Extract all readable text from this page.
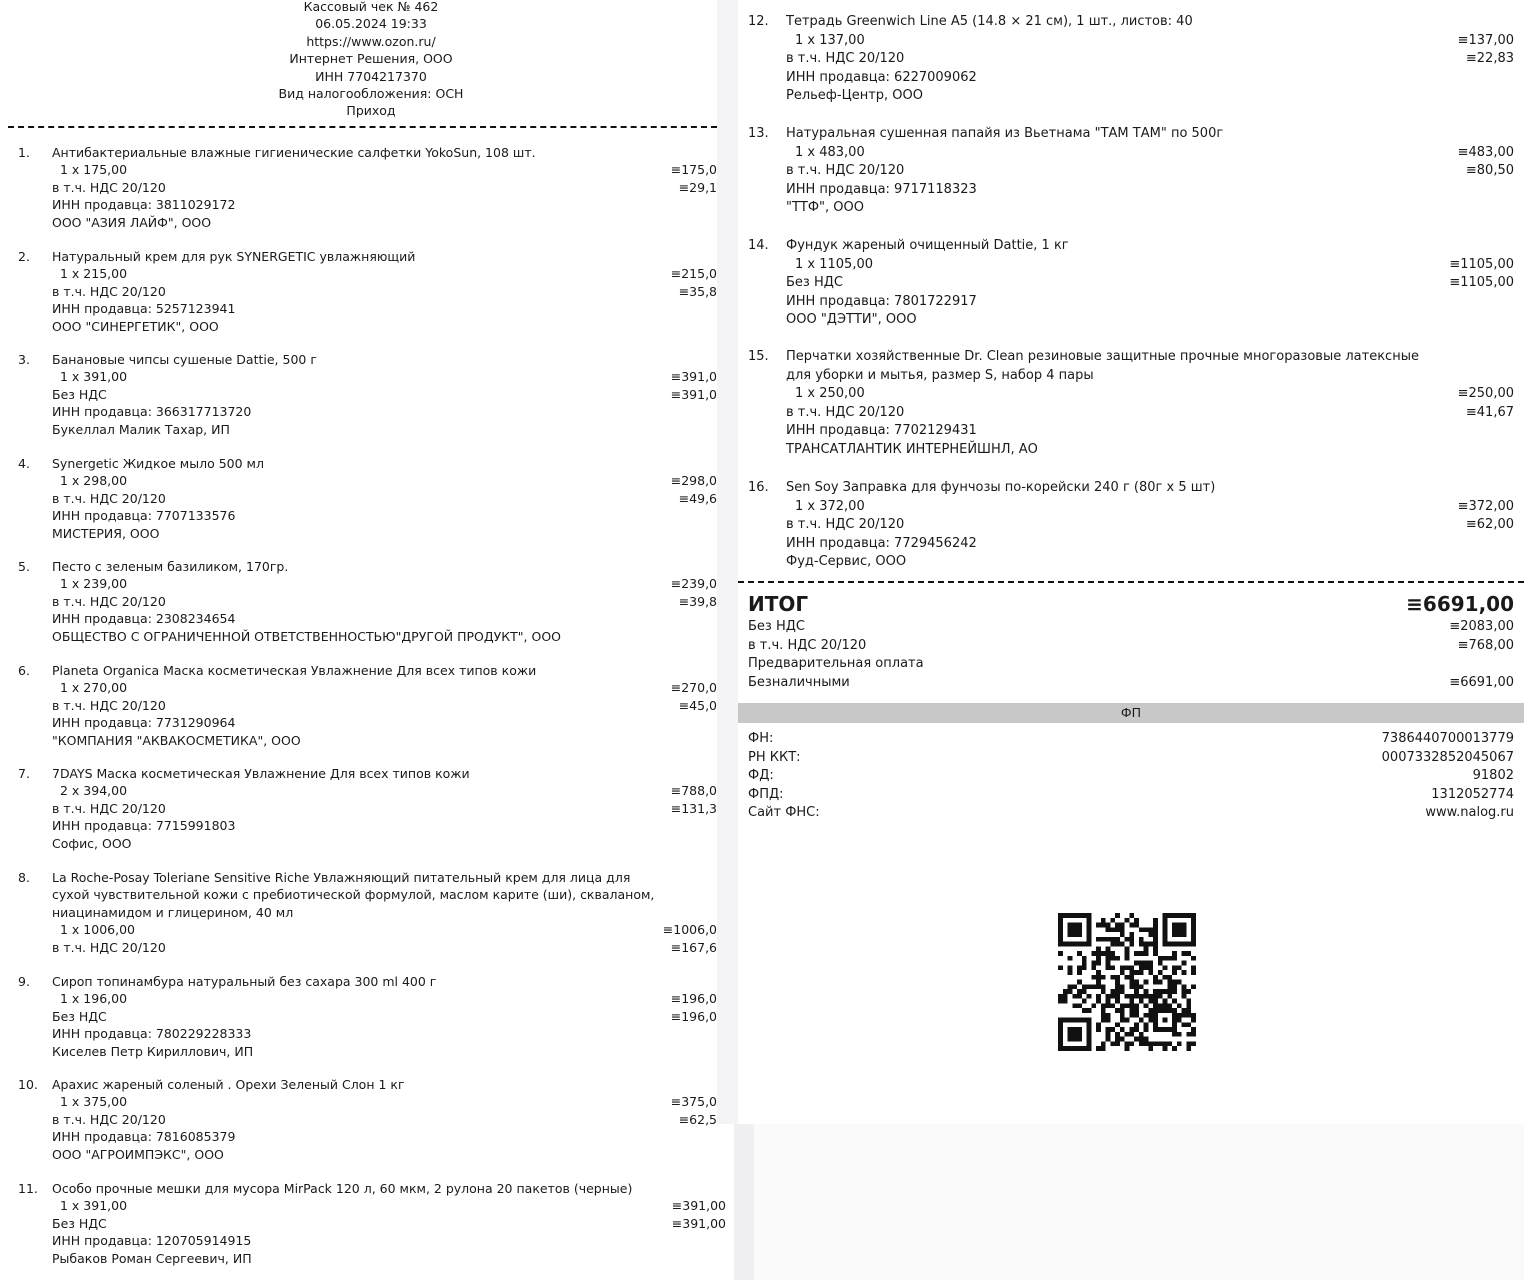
ФП
Кассовый чек № 462
06.05.2024 19:33
https://www.ozon.ru/
Интернет Решения, ООО
ИНН 7704217370
Вид налогообложения: ОСН
Приход
1. Антибактериальные влажные гигиенические салфетки YokoSun, 108 шт.
1 x 175,00	≡175,0
в т.ч. НДС 20/120	≡29,1
ИНН продавца: 3811029172
ООО "АЗИЯ ЛАЙФ", ООО
2. Натуральный крем для рук SYNERGETIC увлажняющий
1 x 215,00	≡215,0
в т.ч. НДС 20/120	≡35,8
ИНН продавца: 5257123941
ООО "СИНЕРГЕТИК", ООО
3. Банановые чипсы сушеные Dattie, 500 г
1 x 391,00	≡391,0
Без НДС	≡391,0
ИНН продавца: 366317713720
Букеллал Малик Тахар, ИП
4. Synergetic Жидкое мыло 500 мл
1 x 298,00	≡298,0
в т.ч. НДС 20/120	≡49,6
ИНН продавца: 7707133576
МИСТЕРИЯ, ООО
5. Песто с зеленым базиликом, 170гр.
1 x 239,00	≡239,0
в т.ч. НДС 20/120	≡39,8
ИНН продавца: 2308234654
ОБЩЕСТВО С ОГРАНИЧЕННОЙ ОТВЕТСТВЕННОСТЬЮ"ДРУГОЙ ПРОДУКТ", ООО
6. Planeta Organica Маска косметическая Увлажнение Для всех типов кожи
1 x 270,00	≡270,0
в т.ч. НДС 20/120	≡45,0
ИНН продавца: 7731290964
"КОМПАНИЯ "АКВАКОСМЕТИКА", ООО
7. 7DAYS Маска косметическая Увлажнение Для всех типов кожи
2 x 394,00	≡788,0
в т.ч. НДС 20/120	≡131,3
ИНН продавца: 7715991803
Софис, ООО
8. La Roche-Posay Toleriane Sensitive Riche Увлажняющий питательный крем для лица для
сухой чувствительной кожи с пребиотической формулой, маслом карите (ши), скваланом,
ниацинамидом и глицерином, 40 мл
1 x 1006,00	≡1006,0
в т.ч. НДС 20/120	≡167,6
9. Сироп топинамбура натуральный без сахара 300 ml 400 г
1 x 196,00	≡196,0
Без НДС	≡196,0
ИНН продавца: 780229228333
Киселев Петр Кириллович, ИП
10. Арахис жареный соленый . Орехи Зеленый Слон 1 кг
1 x 375,00	≡375,0
в т.ч. НДС 20/120	≡62,5
ИНН продавца: 7816085379
ООО "АГРОИМПЭКС", ООО
11. Особо прочные мешки для мусора MirPack 120 л, 60 мкм, 2 рулона 20 пакетов (черные)
1 x 391,00	≡391,00
Без НДС	≡391,00
ИНН продавца: 120705914915
Рыбаков Роман Сергеевич, ИП
12. Тетрадь Greenwich Line A5 (14.8 × 21 см), 1 шт., листов: 40
1 x 137,00	≡137,00
в т.ч. НДС 20/120	≡22,83
ИНН продавца: 6227009062
Рельеф-Центр, ООО
13. Натуральная сушенная папайя из Вьетнама "ТАМ ТАМ" по 500г
1 x 483,00	≡483,00
в т.ч. НДС 20/120	≡80,50
ИНН продавца: 9717118323
"ТТФ", ООО
14. Фундук жареный очищенный Dattie, 1 кг
1 x 1105,00	≡1105,00
Без НДС	≡1105,00
ИНН продавца: 7801722917
ООО "ДЭТТИ", ООО
15. Перчатки хозяйственные Dr. Clean резиновые защитные прочные многоразовые латексные
для уборки и мытья, размер S, набор 4 пары
1 x 250,00	≡250,00
в т.ч. НДС 20/120	≡41,67
ИНН продавца: 7702129431
ТРАНСАТЛАНТИК ИНТЕРНЕЙШНЛ, АО
16. Sen Soy Заправка для фунчозы по-корейски 240 г (80г х 5 шт)
1 x 372,00	≡372,00
в т.ч. НДС 20/120	≡62,00
ИНН продавца: 7729456242
Фуд-Сервис, ООО
ИТОГ	≡6691,00
Без НДС	≡2083,00
в т.ч. НДС 20/120	≡768,00
Предварительная оплата
Безналичными	≡6691,00
ФН:	7386440700013779
РН ККТ:	0007332852045067
ФД:	91802
ФПД:	1312052774
Сайт ФНС:	www.nalog.ru
